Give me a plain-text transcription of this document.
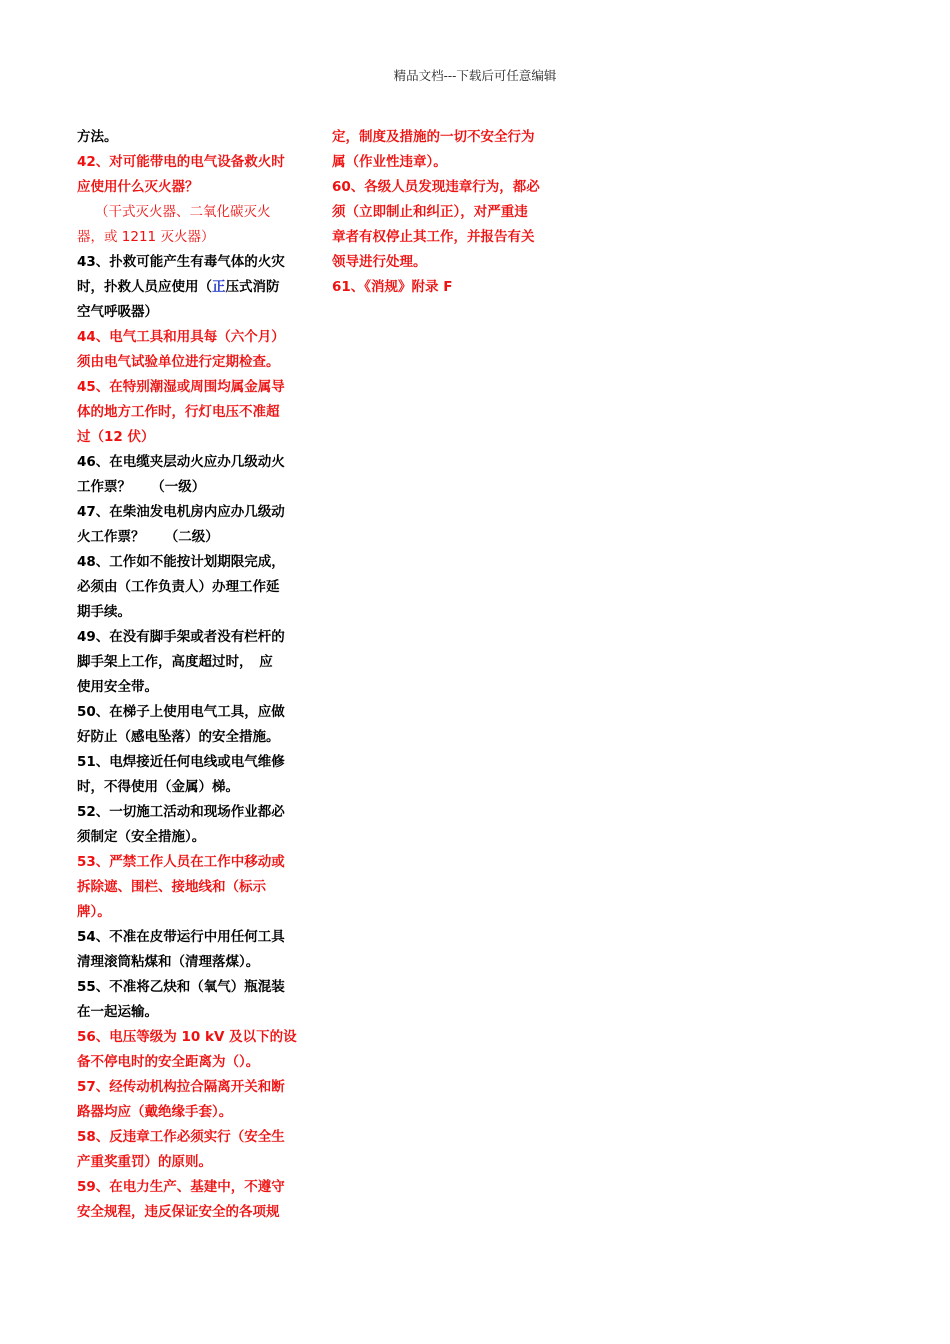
精品文档---下载后可任意编辑
方法。
42、对可能带电的电气设备救火时
应使用什么灭火器？
（干式灭火器、二氧化碳灭火
器，或 1211 灭火器）
43、扑救可能产生有毒气体的火灾
时，扑救人员应使用（正压式消防
空气呼吸器）
44、电气工具和用具每（六个月）
须由电气试验单位进行定期检查。
45、在特别潮湿或周围均属金属导
体的地方工作时，行灯电压不准超
过（12 伏）
46、在电缆夹层动火应办几级动火
工作票？　　（一级）
47、在柴油发电机房内应办几级动
火工作票？　　（二级）
48、工作如不能按计划期限完成，
必须由（工作负责人）办理工作延
期手续。
49、在没有脚手架或者没有栏杆的
脚手架上工作，高度超过时，　应
使用安全带。
50、在梯子上使用电气工具，应做
好防止（感电坠落）的安全措施。
51、电焊接近任何电线或电气维修
时，不得使用（金属）梯。
52、一切施工活动和现场作业都必
须制定（安全措施）。
53、严禁工作人员在工作中移动或
拆除遮、围栏、接地线和（标示
牌）。
54、不准在皮带运行中用任何工具
清理滚筒粘煤和（清理落煤）。
55、不准将乙炔和（氧气）瓶混装
在一起运输。
56、电压等级为 10 kV 及以下的设
备不停电时的安全距离为（）。
57、经传动机构拉合隔离开关和断
路器均应（戴绝缘手套）。
58、反违章工作必须实行（安全生
产重奖重罚）的原则。
59、在电力生产、基建中，不遵守
安全规程，违反保证安全的各项规
定，制度及措施的一切不安全行为
属（作业性违章）。
60、各级人员发现违章行为，都必
须（立即制止和纠正），对严重违
章者有权停止其工作，并报告有关
领导进行处理。
61、《消规》附录 F
